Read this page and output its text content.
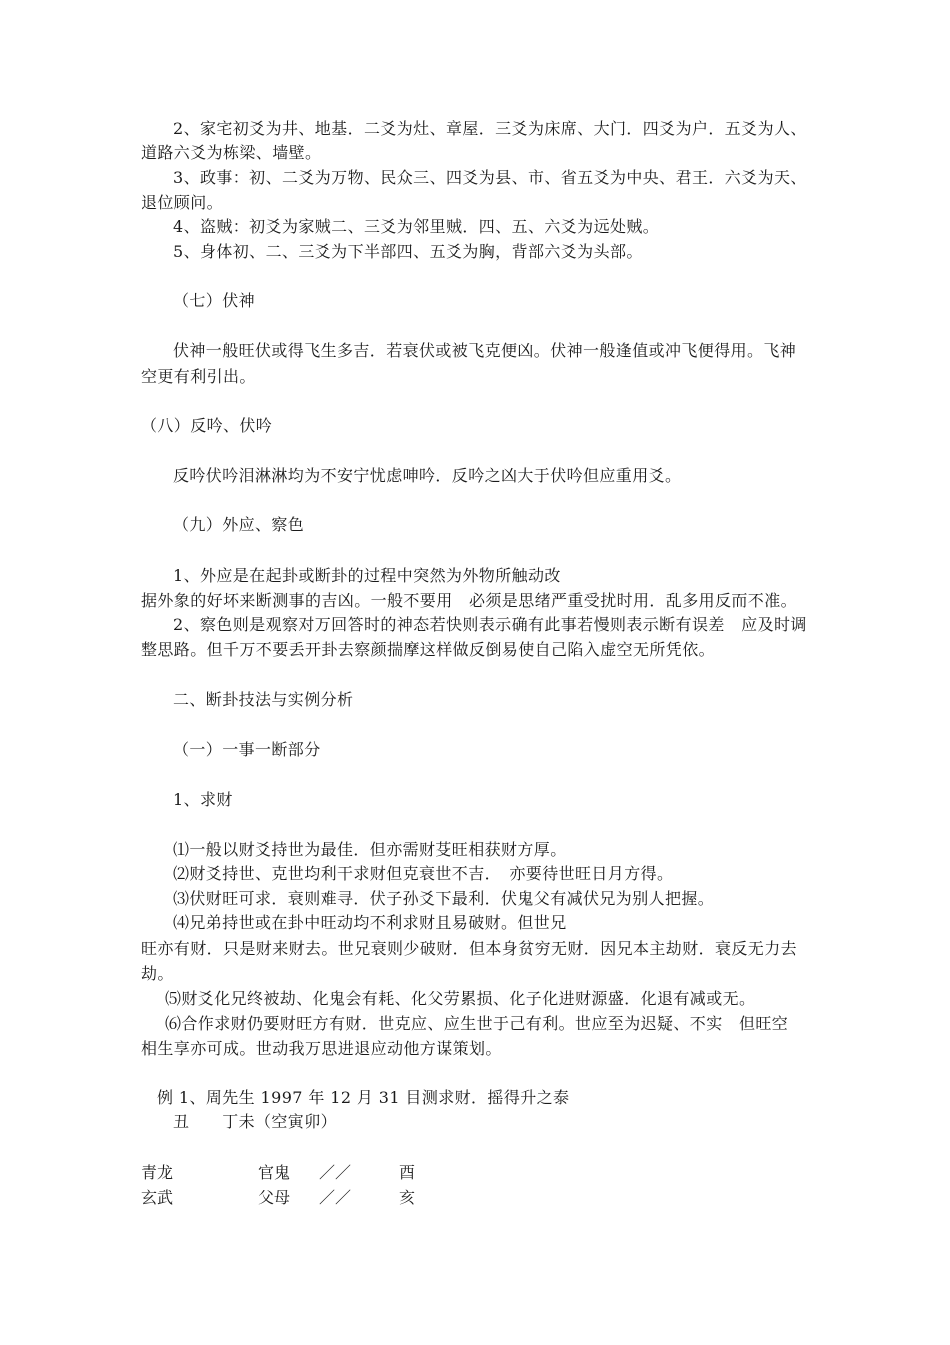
2、家宅初爻为井、地基．二爻为灶、章屋．三爻为床席、大门．四爻为户．五爻为人、
道路六爻为栋梁、墙壁。
3、政事：初、二爻为万物、民众三、四爻为县、市、省五爻为中央、君王．六爻为天、
退位顾问。
4、盗贼：初爻为家贼二、三爻为邻里贼．四、五、六爻为远处贼。
5、身体初、二、三爻为下半部四、五爻为胸，背部六爻为头部。
（七）伏神
伏神一般旺伏或得飞生多吉．若衰伏或被飞克便凶。伏神一般逢值或冲飞便得用。飞神
空更有利引出。
（八）反吟、伏吟
反吟伏吟泪淋淋均为不安宁忧虑呻吟．反吟之凶大于伏吟但应重用爻。
（九）外应、察色
1、外应是在起卦或断卦的过程中突然为外物所触动改
据外象的好坏来断测事的吉凶。一般不要用　必须是思绪严重受扰时用．乱多用反而不准。
2、察色则是观察对万回答时的神态若快则表示确有此事若慢则表示断有误差　应及时调
整思路。但千万不要丢开卦去察颜揣摩这样做反倒易使自己陷入虚空无所凭依。
二、断卦技法与实例分析
（一）一事一断部分
1、求财
⑴一般以财爻持世为最佳．但亦需财芟旺相获财方厚。
⑵财爻持世、克世均利干求财但克衰世不吉．　亦要待世旺日月方得。
⑶伏财旺可求．衰则难寻．伏子孙爻下最利．伏鬼父有减伏兄为别人把握。
⑷兄弟持世或在卦中旺动均不利求财且易破财。但世兄
旺亦有财．只是财来财去。世兄衰则少破财．但本身贫穷无财．因兄本主劫财．衰反无力去
劫。
⑸财爻化兄终被劫、化鬼会有耗、化父劳累损、化子化进财源盛．化退有减或无。
⑹合作求财仍要财旺方有财．世克应、应生世于己有利。世应至为迟疑、不实　但旺空
相生享亦可成。世动我万思进退应动他方谋策划。
例 1、周先生 1997 年 12 月 31 目测求财．摇得升之泰
丑　　丁未（空寅卯）
青龙	官鬼 ／／	酉
玄武	父母 ／／	亥
